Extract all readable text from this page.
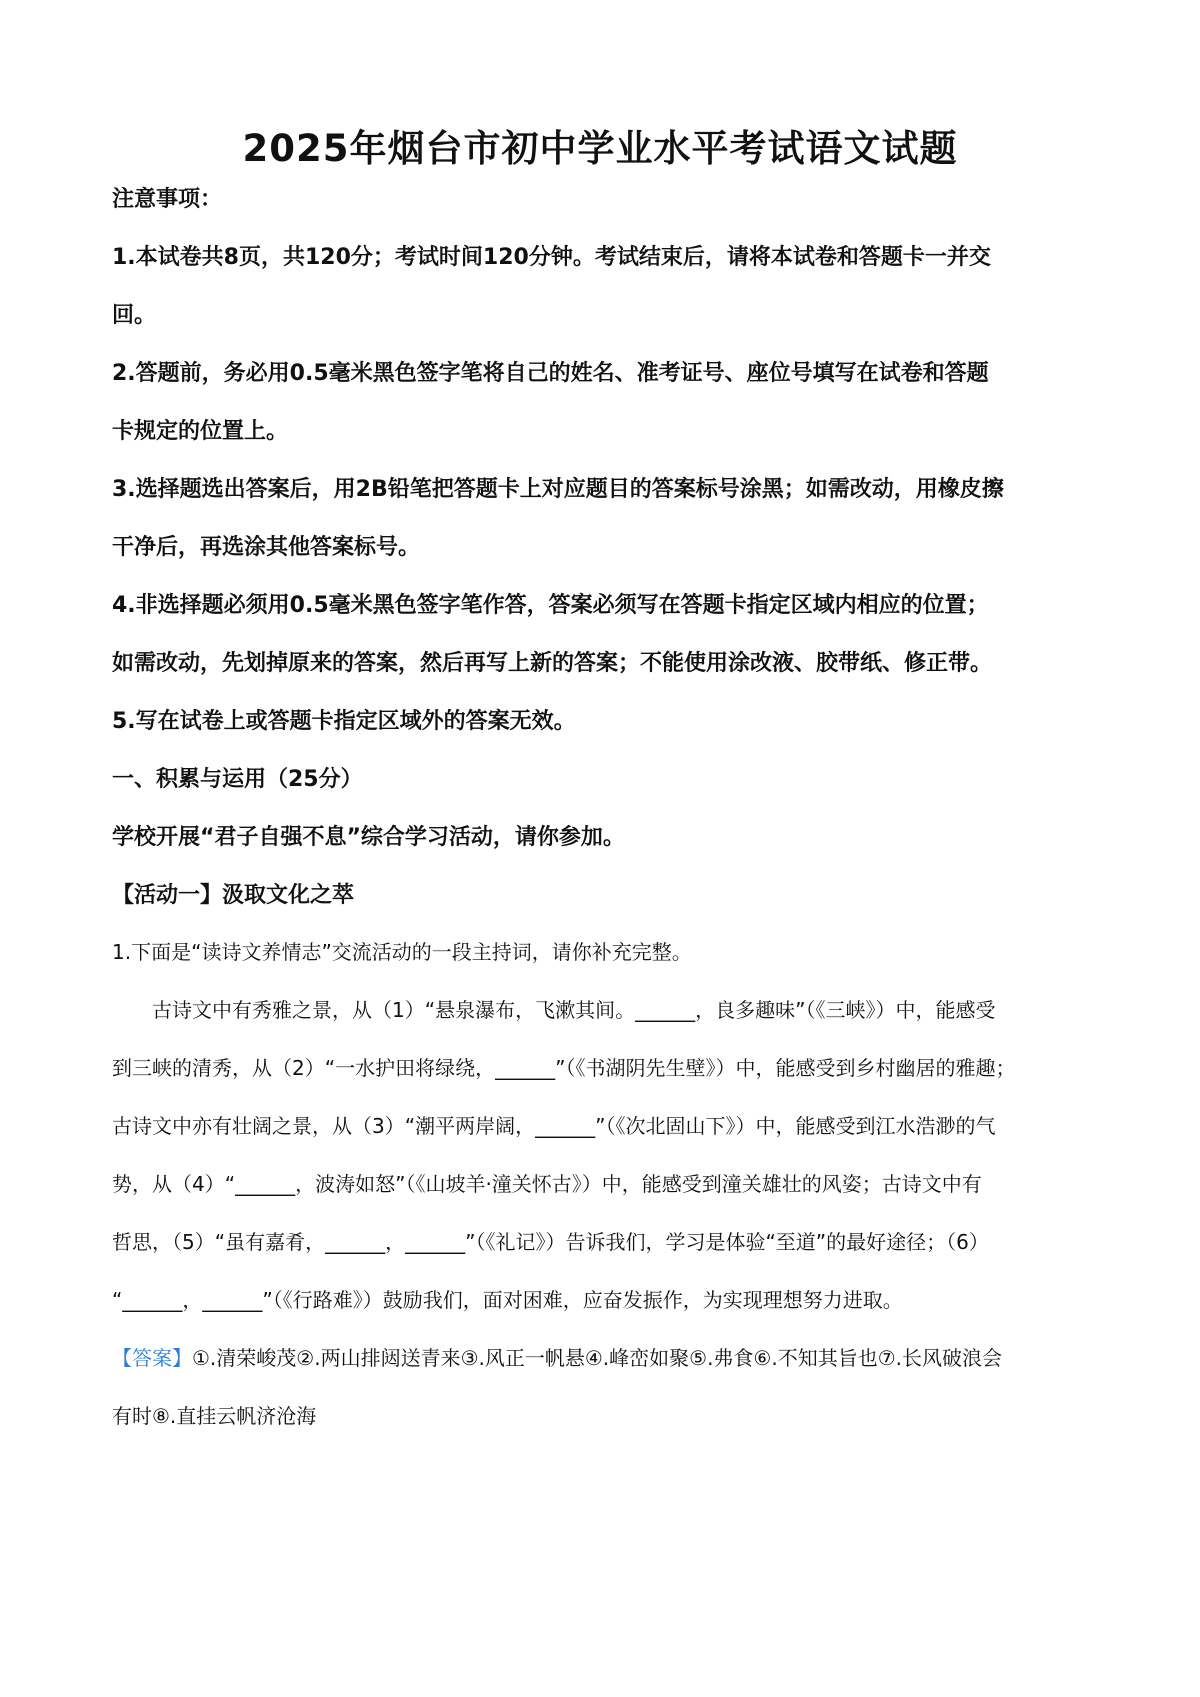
2025年烟台市初中学业水平考试语文试题

注意事项：

1.本试卷共8页，共120分；考试时间120分钟。考试结束后，请将本试卷和答题卡一并交

回。

2.答题前，务必用0.5毫米黑色签字笔将自己的姓名、准考证号、座位号填写在试卷和答题

卡规定的位置上。

3.选择题选出答案后，用2B铅笔把答题卡上对应题目的答案标号涂黑；如需改动，用橡皮擦

干净后，再选涂其他答案标号。

4.非选择题必须用0.5毫米黑色签字笔作答，答案必须写在答题卡指定区域内相应的位置；

如需改动，先划掉原来的答案，然后再写上新的答案；不能使用涂改液、胶带纸、修正带。

5.写在试卷上或答题卡指定区域外的答案无效。

一、积累与运用（25分）

学校开展“君子自强不息”综合学习活动，请你参加。

【活动一】汲取文化之萃

1.下面是“读诗文养情志”交流活动的一段主持词，请你补充完整。

古诗文中有秀雅之景，从（1）“悬泉瀑布，飞漱其间。______，良多趣味”（《三峡》）中，能感受

到三峡的清秀，从（2）“一水护田将绿绕，______”（《书湖阴先生壁》）中，能感受到乡村幽居的雅趣；

古诗文中亦有壮阔之景，从（3）“潮平两岸阔，______”（《次北固山下》）中，能感受到江水浩渺的气

势，从（4）“______，波涛如怒”（《山坡羊·潼关怀古》）中，能感受到潼关雄壮的风姿；古诗文中有

哲思，（5）“虽有嘉肴，______，______”（《礼记》）告诉我们，学习是体验“至道”的最好途径；（6）

“______，______”（《行路难》）鼓励我们，面对困难，应奋发振作，为实现理想努力进取。

【答案】①.清荣峻茂②.两山排闼送青来③.风正一帆悬④.峰峦如聚⑤.弗食⑥.不知其旨也⑦.长风破浪会

有时⑧.直挂云帆济沧海
